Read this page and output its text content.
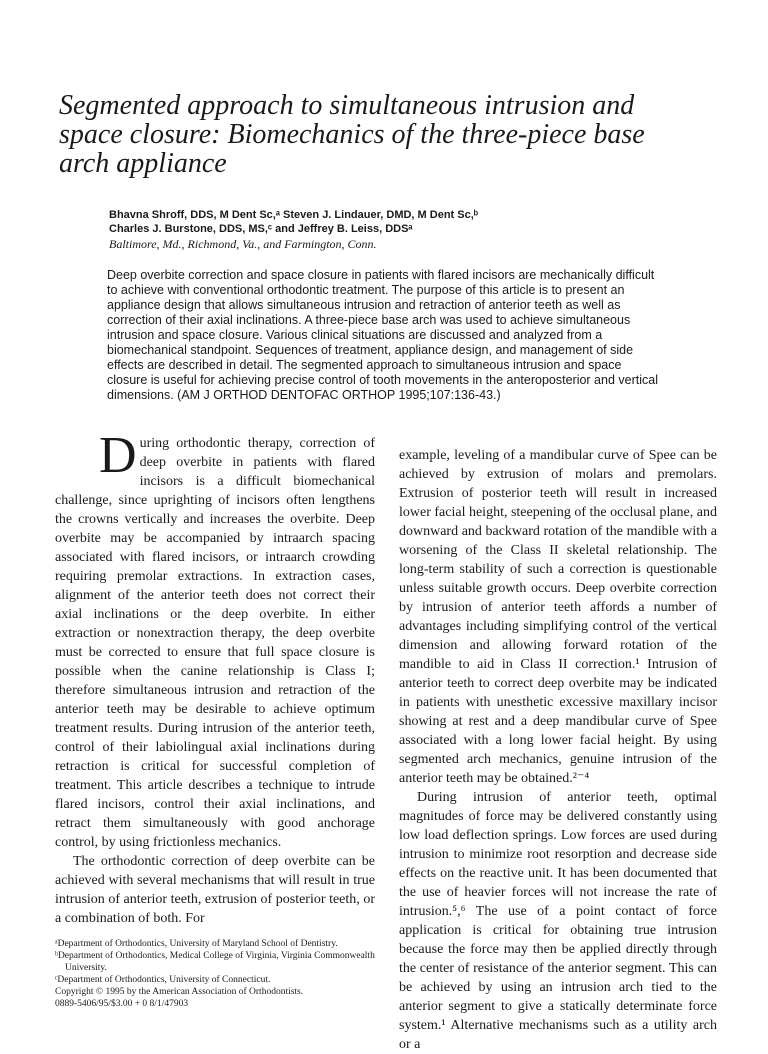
Segmented approach to simultaneous intrusion and space closure: Biomechanics of the three-piece base arch appliance
Bhavna Shroff, DDS, M Dent Sc,ᵃ Steven J. Lindauer, DMD, M Dent Sc,ᵇ
Charles J. Burstone, DDS, MS,ᶜ and Jeffrey B. Leiss, DDSᵃ
Baltimore, Md., Richmond, Va., and Farmington, Conn.

Deep overbite correction and space closure in patients with flared incisors are mechanically difficult to achieve with conventional orthodontic treatment. The purpose of this article is to present an appliance design that allows simultaneous intrusion and retraction of anterior teeth as well as correction of their axial inclinations. A three-piece base arch was used to achieve simultaneous intrusion and space closure. Various clinical situations are discussed and analyzed from a biomechanical standpoint. Sequences of treatment, appliance design, and management of side effects are described in detail. The segmented approach to simultaneous intrusion and space closure is useful for achieving precise control of tooth movements in the anteroposterior and vertical dimensions. (AM J ORTHOD DENTOFAC ORTHOP 1995;107:136-43.)

During orthodontic therapy, correction of deep overbite in patients with flared incisors is a difficult biomechanical challenge, since uprighting of incisors often lengthens the crowns vertically and increases the overbite. Deep overbite may be accompanied by intraarch spacing associated with flared incisors, or intraarch crowding requiring premolar extractions. In extraction cases, alignment of the anterior teeth does not correct their axial inclinations or the deep overbite. In either extraction or nonextraction therapy, the deep overbite must be corrected to ensure that full space closure is possible when the canine relationship is Class I; therefore simultaneous intrusion and retraction of the anterior teeth may be desirable to achieve optimum treatment results. During intrusion of the anterior teeth, control of their labiolingual axial inclinations during retraction is critical for successful completion of treatment. This article describes a technique to intrude flared incisors, control their axial inclinations, and retract them simultaneously with good anchorage control, by using frictionless mechanics.

The orthodontic correction of deep overbite can be achieved with several mechanisms that will result in true intrusion of anterior teeth, extrusion of posterior teeth, or a combination of both. For

example, leveling of a mandibular curve of Spee can be achieved by extrusion of molars and premolars. Extrusion of posterior teeth will result in increased lower facial height, steepening of the occlusal plane, and downward and backward rotation of the mandible with a worsening of the Class II skeletal relationship. The long-term stability of such a correction is questionable unless suitable growth occurs. Deep overbite correction by intrusion of anterior teeth affords a number of advantages including simplifying control of the vertical dimension and allowing forward rotation of the mandible to aid in Class II correction.¹ Intrusion of anterior teeth to correct deep overbite may be indicated in patients with unesthetic excessive maxillary incisor showing at rest and a deep mandibular curve of Spee associated with a long lower facial height. By using segmented arch mechanics, genuine intrusion of the anterior teeth may be obtained.²⁻⁴

During intrusion of anterior teeth, optimal magnitudes of force may be delivered constantly using low load deflection springs. Low forces are used during intrusion to minimize root resorption and decrease side effects on the reactive unit. It has been documented that the use of heavier forces will not increase the rate of intrusion.⁵,⁶ The use of a point contact of force application is critical for obtaining true intrusion because the force may then be applied directly through the center of resistance of the anterior segment. This can be achieved by using an intrusion arch tied to the anterior segment to give a statically determinate force system.¹ Alternative mechanisms such as a utility arch or a

ᵃDepartment of Orthodontics, University of Maryland School of Dentistry.
ᵇDepartment of Orthodontics, Medical College of Virginia, Virginia Commonwealth University.
ᶜDepartment of Orthodontics, University of Connecticut.
Copyright © 1995 by the American Association of Orthodontists.
0889-5406/95/$3.00 + 0 8/1/47903
